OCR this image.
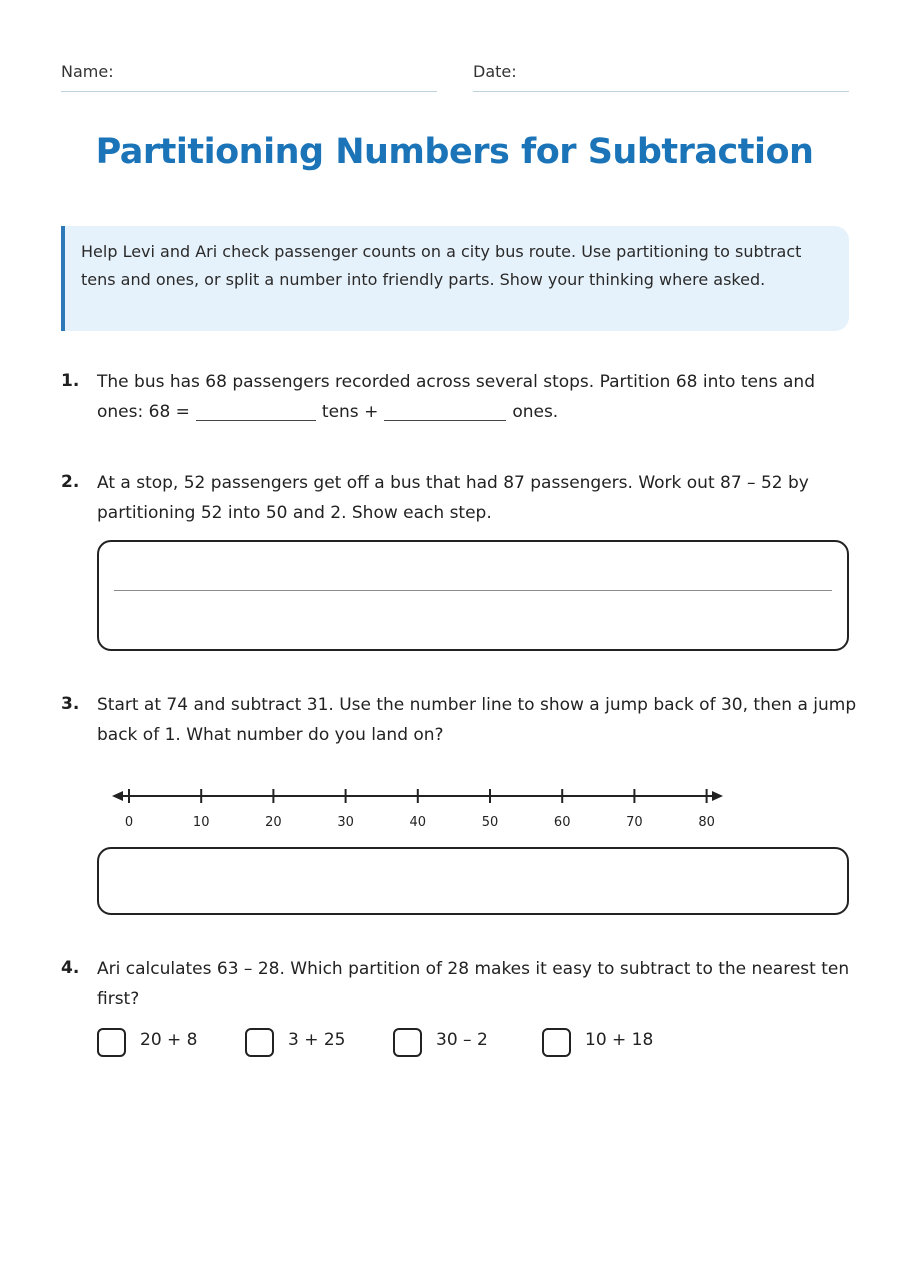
Name:	Date:
Partitioning Numbers for Subtraction
Help Levi and Ari check passenger counts on a city bus route. Use partitioning to subtract tens and ones, or split a number into friendly parts. Show your thinking where asked.
1. The bus has 68 passengers recorded across several stops. Partition 68 into tens and ones: 68 =	tens +	ones.
2. At a stop, 52 passengers get off a bus that had 87 passengers. Work out 87 – 52 by partitioning 52 into 50 and 2. Show each step.
3. Start at 74 and subtract 31. Use the number line to show a jump back of 30, then a jump back of 1. What number do you land on?
0	10	20	30	40	50	60	70	80
4. Ari calculates 63 – 28. Which partition of 28 makes it easy to subtract to the nearest ten first?
20 + 8	3 + 25	30 – 2	10 + 18
